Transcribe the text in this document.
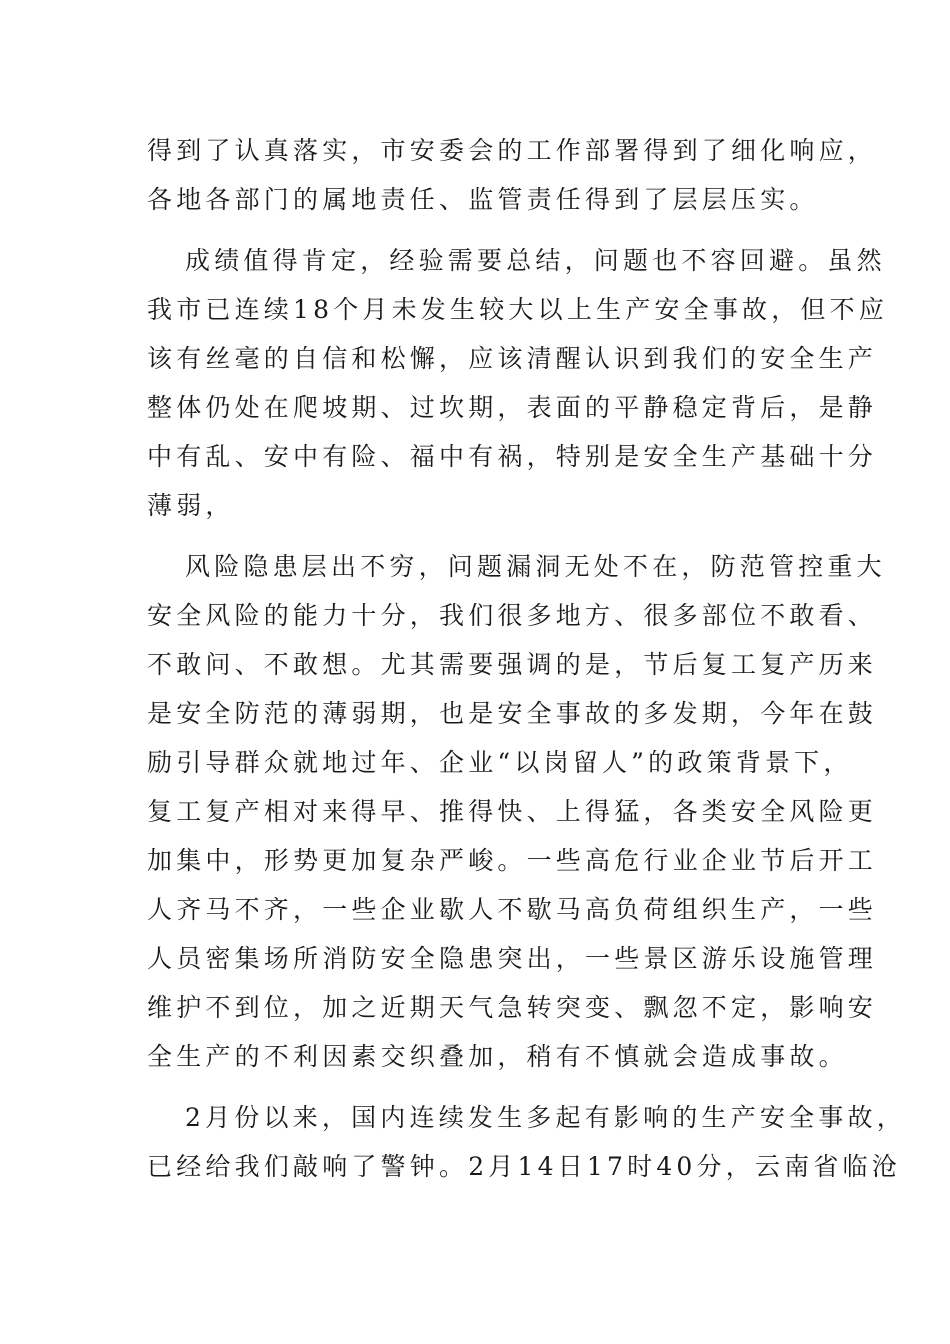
得到了认真落实，市安委会的工作部署得到了细化响应，
各地各部门的属地责任、监管责任得到了层层压实。
成绩值得肯定，经验需要总结，问题也不容回避。虽然
我市已连续18个月未发生较大以上生产安全事故，但不应
该有丝毫的自信和松懈，应该清醒认识到我们的安全生产
整体仍处在爬坡期、过坎期，表面的平静稳定背后，是静
中有乱、安中有险、福中有祸，特别是安全生产基础十分
薄弱，
风险隐患层出不穷，问题漏洞无处不在，防范管控重大
安全风险的能力十分，我们很多地方、很多部位不敢看、
不敢问、不敢想。尤其需要强调的是，节后复工复产历来
是安全防范的薄弱期，也是安全事故的多发期，今年在鼓
励引导群众就地过年、企业“以岗留人”的政策背景下，
复工复产相对来得早、推得快、上得猛，各类安全风险更
加集中，形势更加复杂严峻。一些高危行业企业节后开工
人齐马不齐，一些企业歇人不歇马高负荷组织生产，一些
人员密集场所消防安全隐患突出，一些景区游乐设施管理
维护不到位，加之近期天气急转突变、飘忽不定，影响安
全生产的不利因素交织叠加，稍有不慎就会造成事故。
2月份以来，国内连续发生多起有影响的生产安全事故，
已经给我们敲响了警钟。2月14日17时40分，云南省临沧
